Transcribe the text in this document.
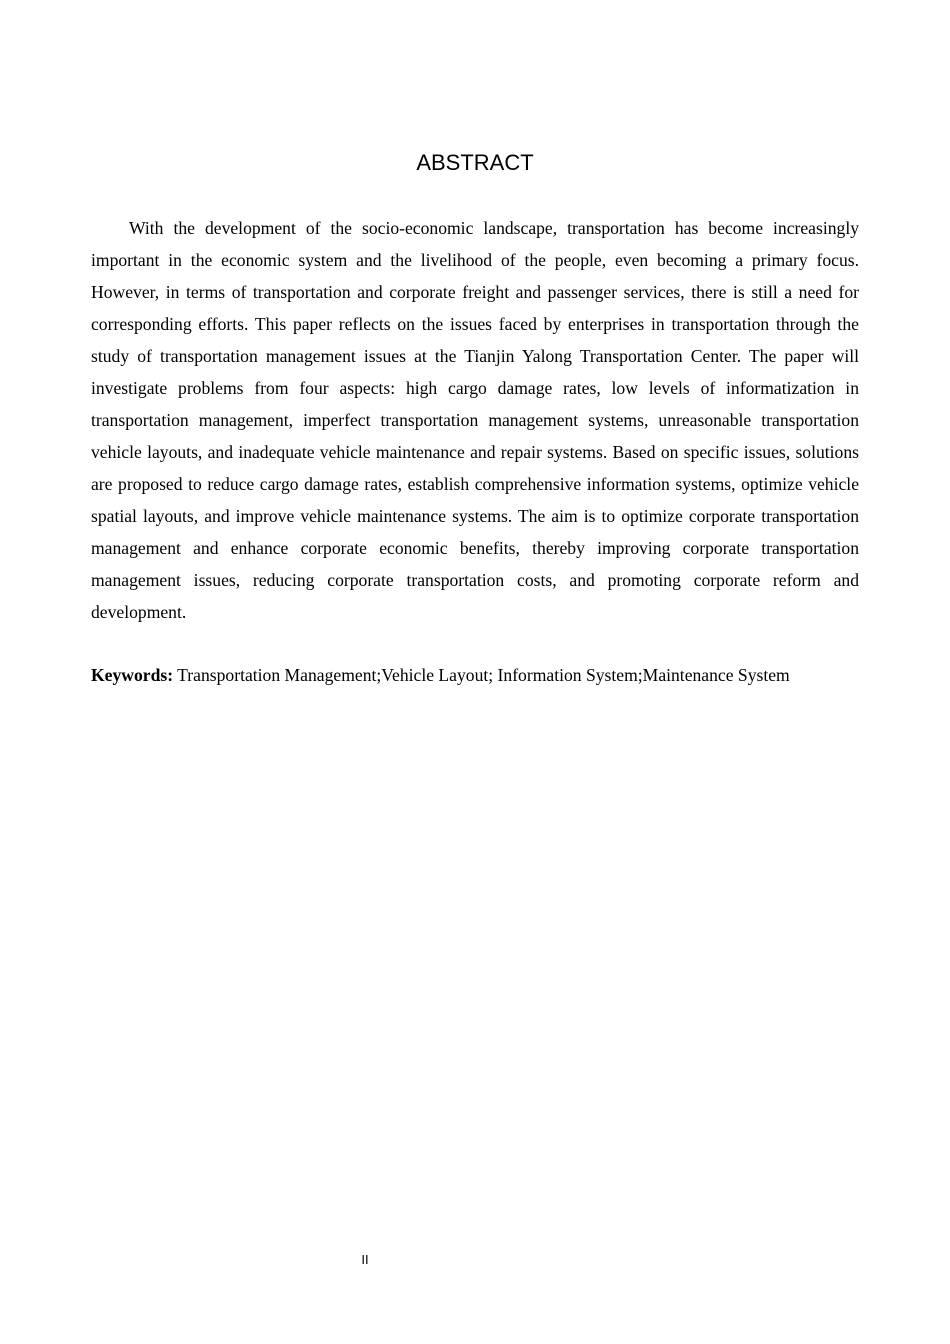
ABSTRACT

With the development of the socio-economic landscape, transportation has become increasingly important in the economic system and the livelihood of the people, even becoming a primary focus. However, in terms of transportation and corporate freight and passenger services, there is still a need for corresponding efforts. This paper reflects on the issues faced by enterprises in transportation through the study of transportation management issues at the Tianjin Yalong Transportation Center. The paper will investigate problems from four aspects: high cargo damage rates, low levels of informatization in transportation management, imperfect transportation management systems, unreasonable transportation vehicle layouts, and inadequate vehicle maintenance and repair systems. Based on specific issues, solutions are proposed to reduce cargo damage rates, establish comprehensive information systems, optimize vehicle spatial layouts, and improve vehicle maintenance systems. The aim is to optimize corporate transportation management and enhance corporate economic benefits, thereby improving corporate transportation management issues, reducing corporate transportation costs, and promoting corporate reform and development.

Keywords: Transportation Management;Vehicle Layout; Information System;Maintenance System

II
